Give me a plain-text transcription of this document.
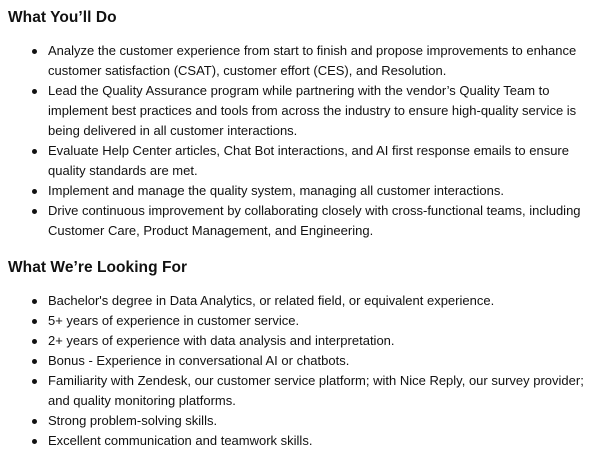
What You’ll Do
Analyze the customer experience from start to finish and propose improvements to enhance
customer satisfaction (CSAT), customer effort (CES), and Resolution.
Lead the Quality Assurance program while partnering with the vendor’s Quality Team to
implement best practices and tools from across the industry to ensure high-quality service is
being delivered in all customer interactions.
Evaluate Help Center articles, Chat Bot interactions, and AI first response emails to ensure
quality standards are met.
Implement and manage the quality system, managing all customer interactions.
Drive continuous improvement by collaborating closely with cross-functional teams, including
Customer Care, Product Management, and Engineering.
What We’re Looking For
Bachelor's degree in Data Analytics, or related field, or equivalent experience.
5+ years of experience in customer service.
2+ years of experience with data analysis and interpretation.
Bonus - Experience in conversational AI or chatbots.
Familiarity with Zendesk, our customer service platform; with Nice Reply, our survey provider;
and quality monitoring platforms.
Strong problem-solving skills.
Excellent communication and teamwork skills.
